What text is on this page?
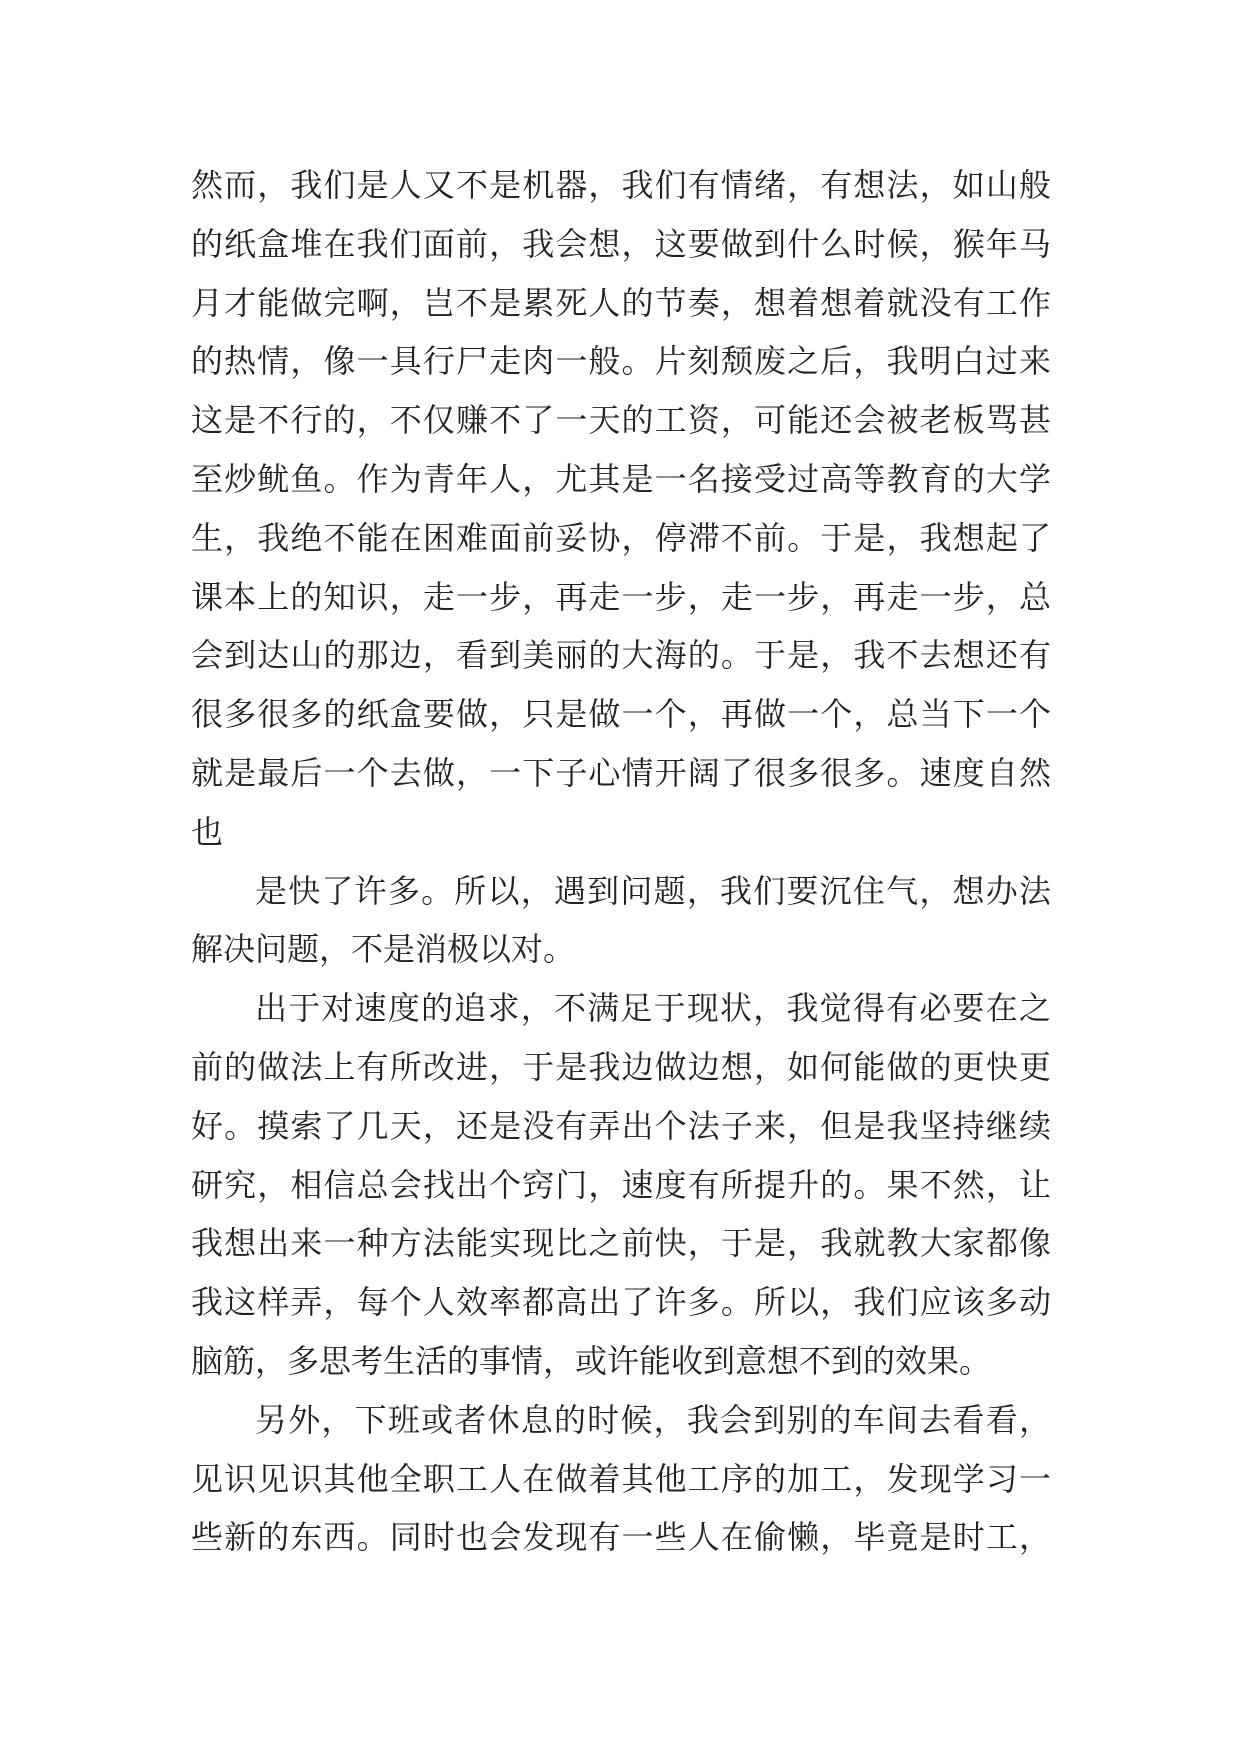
然而，我们是人又不是机器，我们有情绪，有想法，如山般
的纸盒堆在我们面前，我会想，这要做到什么时候，猴年马
月才能做完啊，岂不是累死人的节奏，想着想着就没有工作
的热情，像一具行尸走肉一般。片刻颓废之后，我明白过来
这是不行的，不仅赚不了一天的工资，可能还会被老板骂甚
至炒鱿鱼。作为青年人，尤其是一名接受过高等教育的大学
生，我绝不能在困难面前妥协，停滞不前。于是，我想起了
课本上的知识，走一步，再走一步，走一步，再走一步，总
会到达山的那边，看到美丽的大海的。于是，我不去想还有
很多很多的纸盒要做，只是做一个，再做一个，总当下一个
就是最后一个去做，一下子心情开阔了很多很多。速度自然
也
是快了许多。所以，遇到问题，我们要沉住气，想办法
解决问题，不是消极以对。
出于对速度的追求，不满足于现状，我觉得有必要在之
前的做法上有所改进，于是我边做边想，如何能做的更快更
好。摸索了几天，还是没有弄出个法子来，但是我坚持继续
研究，相信总会找出个窍门，速度有所提升的。果不然，让
我想出来一种方法能实现比之前快，于是，我就教大家都像
我这样弄，每个人效率都高出了许多。所以，我们应该多动
脑筋，多思考生活的事情，或许能收到意想不到的效果。
另外，下班或者休息的时候，我会到别的车间去看看，
见识见识其他全职工人在做着其他工序的加工，发现学习一
些新的东西。同时也会发现有一些人在偷懒，毕竟是时工，
